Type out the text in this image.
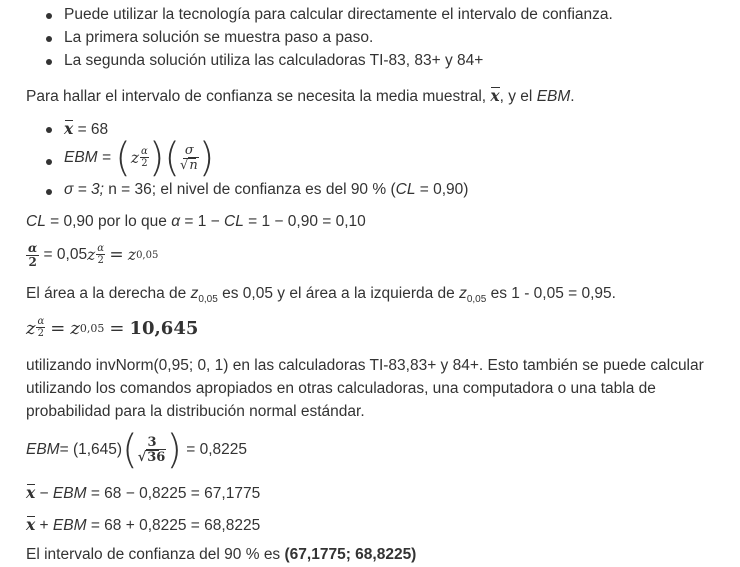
Puede utilizar la tecnología para calcular directamente el intervalo de confianza.
La primera solución se muestra paso a paso.
La segunda solución utiliza las calculadoras TI-83, 83+ y 84+
Para hallar el intervalo de confianza se necesita la media muestral, x, y el EBM.
x = 68
EBM =
( z $\frac{\alpha}{2}$ ) ( $\frac{\sigma}{√n}$ )
σ = 3; n = 36; el nivel de confianza es del 90 % (CL = 0,90)
CL = 0,90 por lo que α = 1 − CL = 1 − 0,90 = 0,10
$\frac{\alpha}{2}$
= 0,05 z $\frac{\alpha}{2}$
=
z 0,05
El área a la derecha de $z_{0,05}$ es 0,05 y el área a la izquierda de $z_{0,05}$ es 1 - 0,05 = 0,95.
z $\frac{\alpha}{2}$
=
z 0,05
=
10,645
utilizando invNorm(0,95; 0, 1) en las calculadoras TI-83,83+ y 84+. Esto también se puede calcular
utilizando los comandos apropiados en otras calculadoras, una computadora o una tabla de
probabilidad para la distribución normal estándar.
EBM = (1,645) ( $\frac{3}{√36}$ )
= 0,8225
x − EBM = 68 − 0,8225 = 67,1775
x + EBM = 68 + 0,8225 = 68,8225
El intervalo de confianza del 90 % es (67,1775; 68,8225)
